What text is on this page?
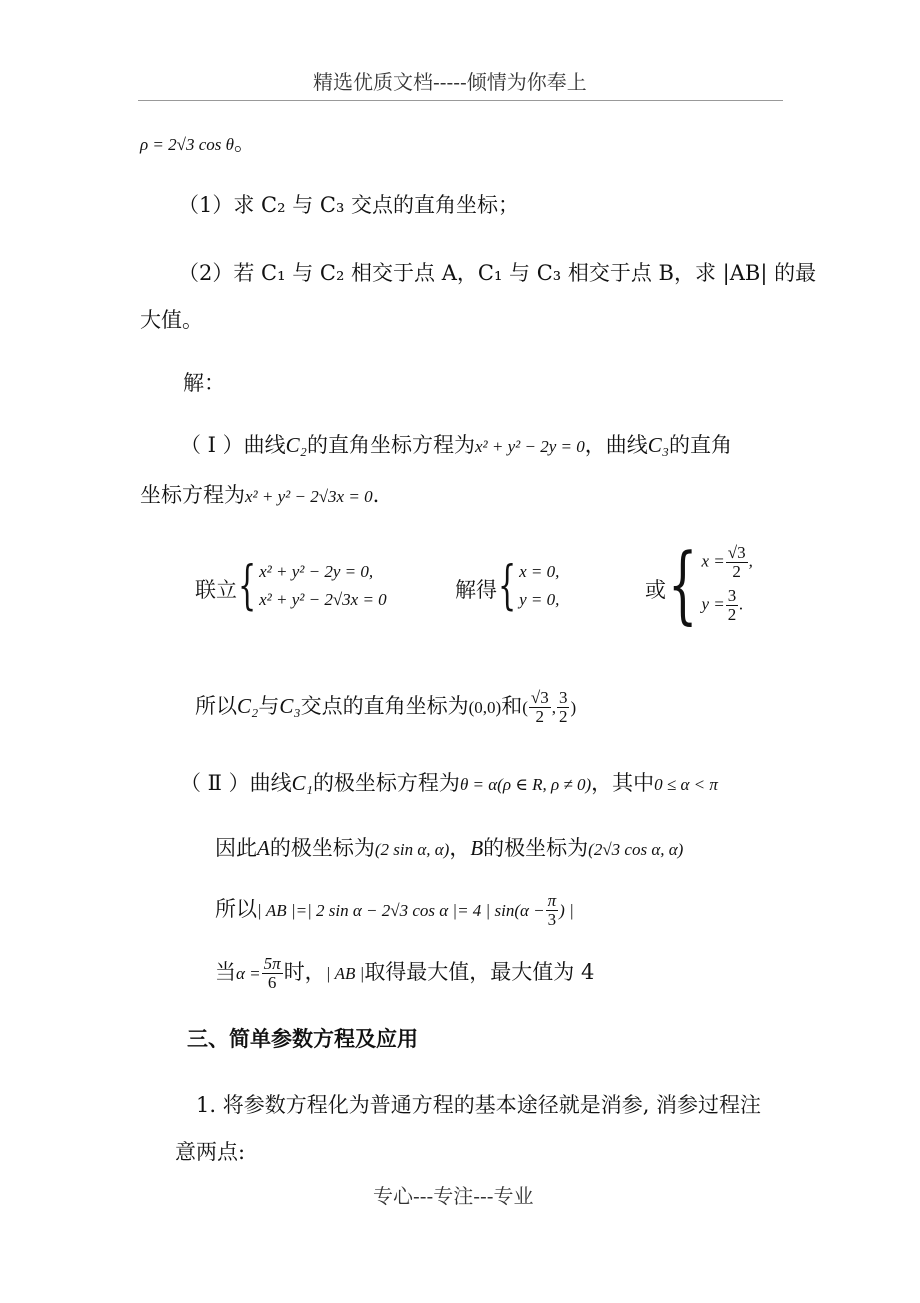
精选优质文档-----倾情为你奉上
ρ = 2√3 cos θ。
（1）求 C₂ 与 C₃ 交点的直角坐标；
（2）若 C₁ 与 C₂ 相交于点 A，C₁ 与 C₃ 相交于点 B，求 |AB| 的最
大值。
解：
（ Ⅰ ）曲线C₂的直角坐标方程为x² + y² − 2y = 0，曲线C₃的直角
坐标方程为x² + y² − 2√3x = 0.
联立 { x² + y² − 2y = 0,
x² + y² − 2√3x = 0	解得 { x = 0,
y = 0,	或 { $x = \frac{√3}{2}$ ,
$y = \frac{3}{2}$ .
所以C₂与C₃交点的直角坐标为(0,0)和( $\frac{√3}{2}$ , $\frac{3}{2}$ )
（ Ⅱ ）曲线C₁的极坐标方程为θ = α(ρ ∈ R, ρ ≠ 0)，其中0 ≤ α < π
因此A的极坐标为(2 sin α, α)，B的极坐标为(2√3 cos α, α)
所以| AB |=| 2 sin α − 2√3 cos α |= 4 | $\sin(\alpha - \frac{\pi}{3}$ ) |
当$\alpha = \frac{5\pi}{6}$ 时，| AB |取得最大值，最大值为 4
三、简单参数方程及应用
1. 将参数方程化为普通方程的基本途径就是消参, 消参过程注
意两点:
专心---专注---专业
